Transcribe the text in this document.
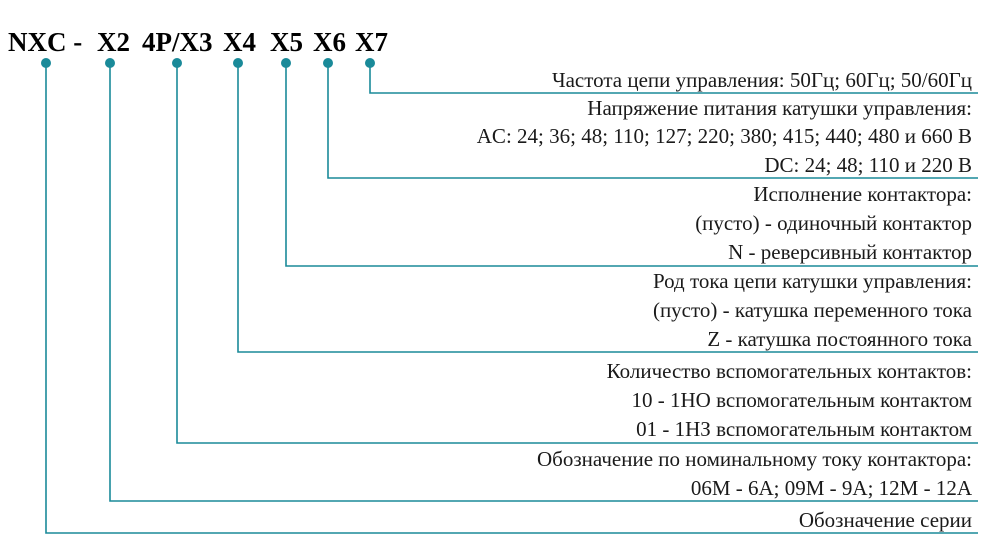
NXC - X2 4P/X3 X4 X5 X6 X7
Частота цепи управления: 50Гц; 60Гц; 50/60Гц
Напряжение питания катушки управления:
AC: 24; 36; 48; 110; 127; 220; 380; 415; 440; 480 и 660 В
DC: 24; 48; 110 и 220 В
Исполнение контактора:
(пусто) - одиночный контактор
N - реверсивный контактор
Род тока цепи катушки управления:
(пусто) - катушка переменного тока
Z - катушка постоянного тока
Количество вспомогательных контактов:
10 - 1НО вспомогательным контактом
01 - 1НЗ вспомогательным контактом
Обозначение по номинальному току контактора:
06М - 6А; 09М - 9А; 12М - 12А
Обозначение серии
